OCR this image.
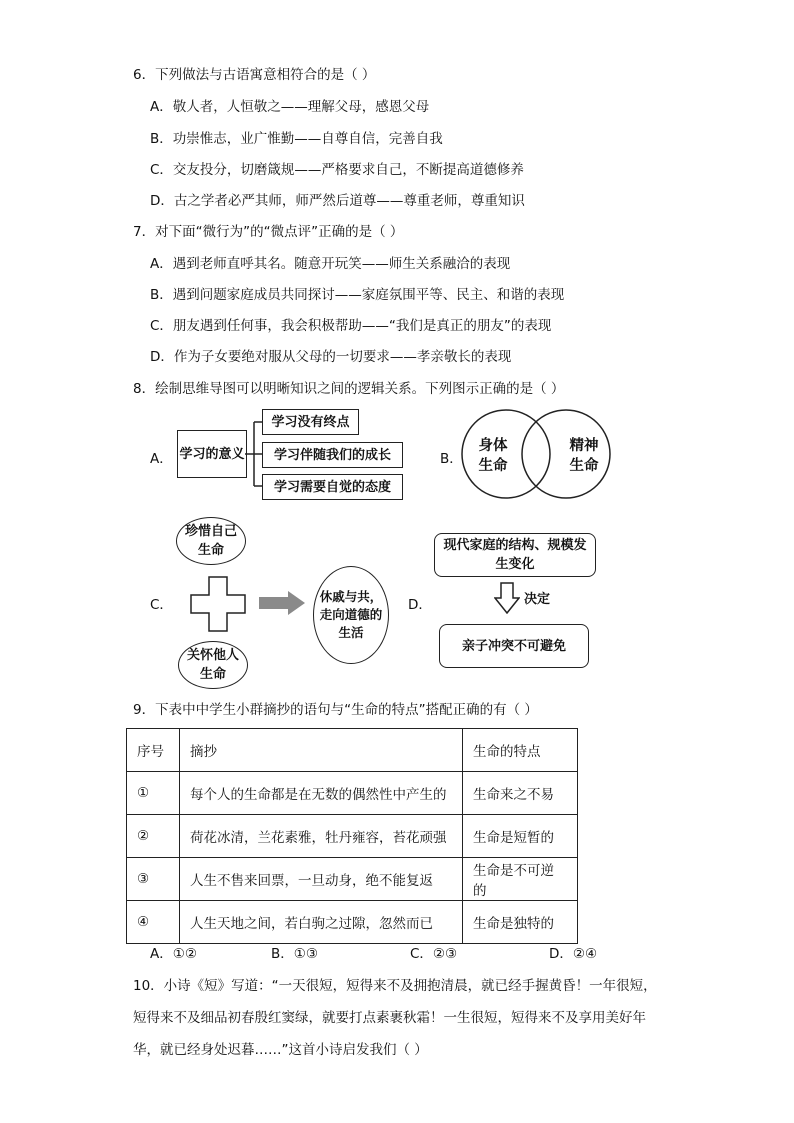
6．下列做法与古语寓意相符合的是（ ）
A．敬人者，人恒敬之——理解父母，感恩父母
B．功崇惟志，业广惟勤——自尊自信，完善自我
C．交友投分，切磨箴规——严格要求自己，不断提高道德修养
D．古之学者必严其师，师严然后道尊——尊重老师，尊重知识
7．对下面“微行为”的“微点评”正确的是（ ）
A．遇到老师直呼其名。随意开玩笑——师生关系融洽的表现
B．遇到问题家庭成员共同探讨——家庭氛围平等、民主、和谐的表现
C．朋友遇到任何事，我会积极帮助——“我们是真正的朋友”的表现
D．作为子女要绝对服从父母的一切要求——孝亲敬长的表现
8．绘制思维导图可以明晰知识之间的逻辑关系。下列图示正确的是（ ）
A． 学习的意义
学习没有终点
学习伴随我们的成长
学习需要自觉的态度
B．
身体生命
精神生命
C．
珍惜自己生命
关怀他人生命
休戚与共，走向道德的生活
D．
现代家庭的结构、规模发生变化
决定
亲子冲突不可避免
9．下表中中学生小群摘抄的语句与“生命的特点”搭配正确的有（ ）
序号	摘抄	生命的特点
①	每个人的生命都是在无数的偶然性中产生的	生命来之不易
②	荷花冰清，兰花素雅，牡丹雍容，苔花顽强	生命是短暂的
③	人生不售来回票，一旦动身，绝不能复返	生命是不可逆的
④	人生天地之间，若白驹之过隙，忽然而已	生命是独特的
A．①②	B．①③	C．②③	D．②④
10．小诗《短》写道：“一天很短，短得来不及拥抱清晨，就已经手握黄昏！一年很短，
短得来不及细品初春殷红窦绿，就要打点素裹秋霜！一生很短，短得来不及享用美好年
华，就已经身处迟暮……”这首小诗启发我们（ ）
